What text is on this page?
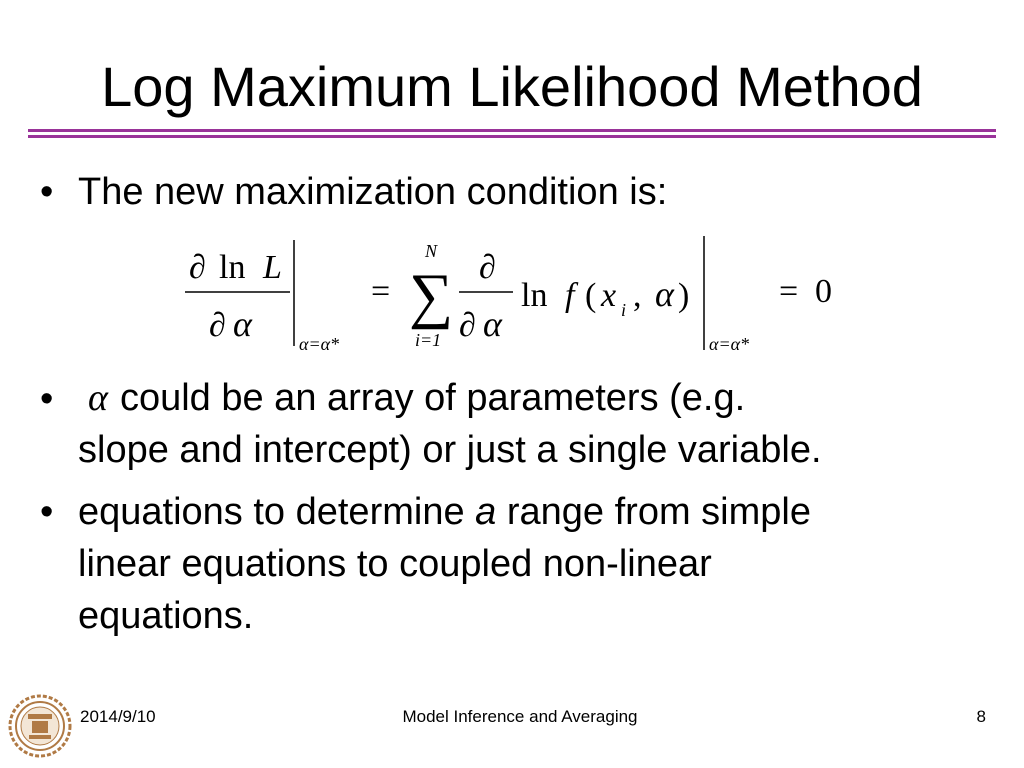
Log Maximum Likelihood Method
• The new maximization condition is:
∂ ln L
∂ α	α=α*
=
N
∑
i=1
∂
∂ α
ln f ( x i , α )
α=α*
= 0
• α could be an array of parameters (e.g.
slope and intercept) or just a single variable.
• equations to determine a range from simple
linear equations to coupled non-linear
equations.
2014/9/10	Model Inference and Averaging	8
